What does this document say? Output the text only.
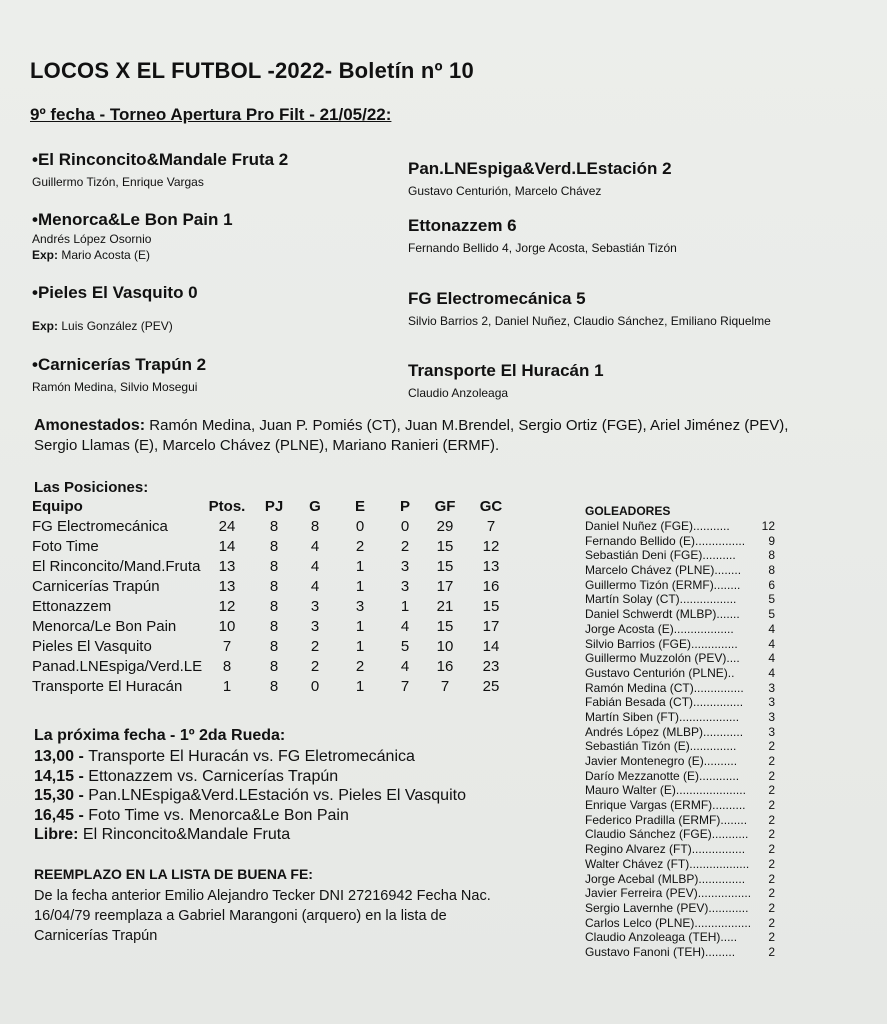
LOCOS X EL FUTBOL -2022- Boletín nº 10
9º fecha - Torneo Apertura Pro Filt - 21/05/22:
•El Rinconcito&Mandale Fruta 2
Guillermo Tizón, Enrique Vargas
Pan.LNEspiga&Verd.LEstación 2
Gustavo Centurión, Marcelo Chávez
•Menorca&Le Bon Pain 1
Andrés López Osornio
Exp: Mario Acosta (E)
Ettonazzem 6
Fernando Bellido 4, Jorge Acosta, Sebastián Tizón
•Pieles El Vasquito 0
Exp: Luis González (PEV)
FG Electromecánica 5
Silvio Barrios 2, Daniel Nuñez, Claudio Sánchez, Emiliano Riquelme
•Carnicerías Trapún 2
Ramón Medina, Silvio Mosegui
Transporte El Huracán 1
Claudio Anzoleaga
Amonestados: Ramón Medina, Juan P. Pomiés (CT), Juan M.Brendel, Sergio Ortiz (FGE), Ariel Jiménez (PEV), Sergio Llamas (E), Marcelo Chávez (PLNE), Mariano Ranieri (ERMF).
Las Posiciones:
Equipo	Ptos.	PJ	G	E	P	GF	GC
FG Electromecánica	24	8	8	0	0	29	7
Foto Time	14	8	4	2	2	15	12
El Rinconcito/Mand.Fruta	13	8	4	1	3	15	13
Carnicerías Trapún	13	8	4	1	3	17	16
Ettonazzem	12	8	3	3	1	21	15
Menorca/Le Bon Pain	10	8	3	1	4	15	17
Pieles El Vasquito	7	8	2	1	5	10	14
Panad.LNEspiga/Verd.LE	8	8	2	2	4	16	23
Transporte El Huracán	1	8	0	1	7	7	25
La próxima fecha - 1º 2da Rueda:
13,00 - Transporte El Huracán vs. FG Eletromecánica
14,15 - Ettonazzem vs. Carnicerías Trapún
15,30 - Pan.LNEspiga&Verd.LEstación vs. Pieles El Vasquito
16,45 - Foto Time vs. Menorca&Le Bon Pain
Libre: El Rinconcito&Mandale Fruta
REEMPLAZO EN LA LISTA DE BUENA FE:
De la fecha anterior Emilio Alejandro Tecker DNI 27216942 Fecha Nac. 16/04/79 reemplaza a Gabriel Marangoni (arquero) en la lista de Carnicerías Trapún
GOLEADORES
Daniel Nuñez (FGE)...........	12
Fernando Bellido (E)...............	9
Sebastián Deni (FGE)..........	8
Marcelo Chávez (PLNE)........	8
Guillermo Tizón (ERMF)........	6
Martín Solay (CT).................	5
Daniel Schwerdt (MLBP).......	5
Jorge Acosta (E)..................	4
Silvio Barrios (FGE)..............	4
Guillermo Muzzolón (PEV)....	4
Gustavo Centurión (PLNE)..	4
Ramón Medina (CT)...............	3
Fabián Besada (CT)...............	3
Martín Siben (FT)..................	3
Andrés López (MLBP)............	3
Sebastián Tizón (E)..............	2
Javier Montenegro (E)..........	2
Darío Mezzanotte (E)............	2
Mauro Walter (E).....................	2
Enrique Vargas (ERMF)..........	2
Federico Pradilla (ERMF)........	2
Claudio Sánchez (FGE)...........	2
Regino Alvarez (FT)................	2
Walter Chávez (FT)..................	2
Jorge Acebal (MLBP)..............	2
Javier Ferreira (PEV)................	2
Sergio Lavernhe (PEV)............	2
Carlos Lelco (PLNE).................	2
Claudio Anzoleaga (TEH).....	2
Gustavo Fanoni (TEH).........	2
